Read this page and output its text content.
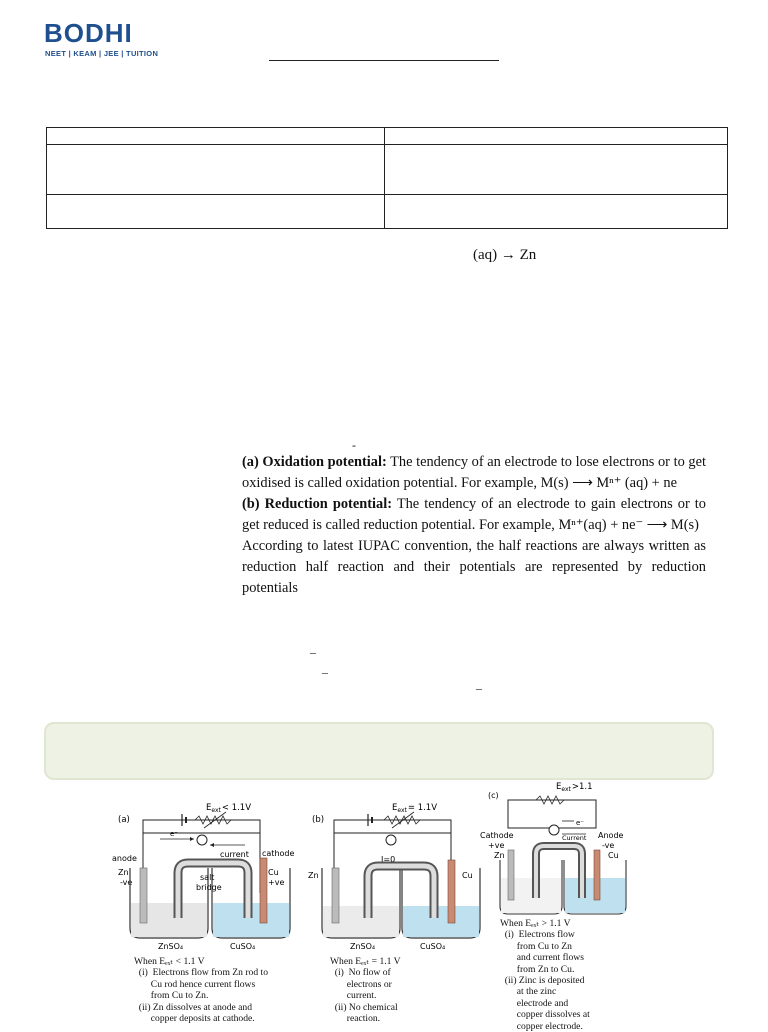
BODHI
NEET | KEAM | JEE | TUITION

(aq) → Zn
-

(a) Oxidation potential: The tendency of an electrode to lose electrons or to get oxidised is called oxidation potential. For example, M(s) ⟶ Mⁿ⁺ (aq) + ne

(b) Reduction potential: The tendency of an electrode to gain electrons or to get reduced is called reduction potential. For example, Mⁿ⁺(aq) + ne⁻ ⟶ M(s)

According to latest IUPAC convention, the half reactions are always written as reduction half reaction and their potentials are represented by reduction potentials

–
–
–
(a)
$E_{ext}< 1.1V$
e⁻
current
anode
cathode
Zn
-ve
Cu
+ve
salt
bridge
ZnSO₄	CuSO₄
When Eₑₓₜ < 1.1 V
(i)  Electrons flow from Zn rod to
Cu rod hence current flows
from Cu to Zn.
(ii) Zn dissolves at anode and
copper deposits at cathode.
(b)
$E_{ext}= 1.1V$
I=0
Zn	Cu
ZnSO₄	CuSO₄
When Eₑₓₜ = 1.1 V
(i)  No flow of
electrons or
current.
(ii) No chemical
reaction.
(c)
$E_{ext}>1.1$
e⁻
Current
Cathode
+ve
Anode
-ve
Zn	Cu
When Eₑₓₜ > 1.1 V
(i)  Electrons flow
from Cu to Zn
and current flows
from Zn to Cu.
(ii) Zinc is deposited
at the zinc
electrode and
copper dissolves at
copper electrode.
